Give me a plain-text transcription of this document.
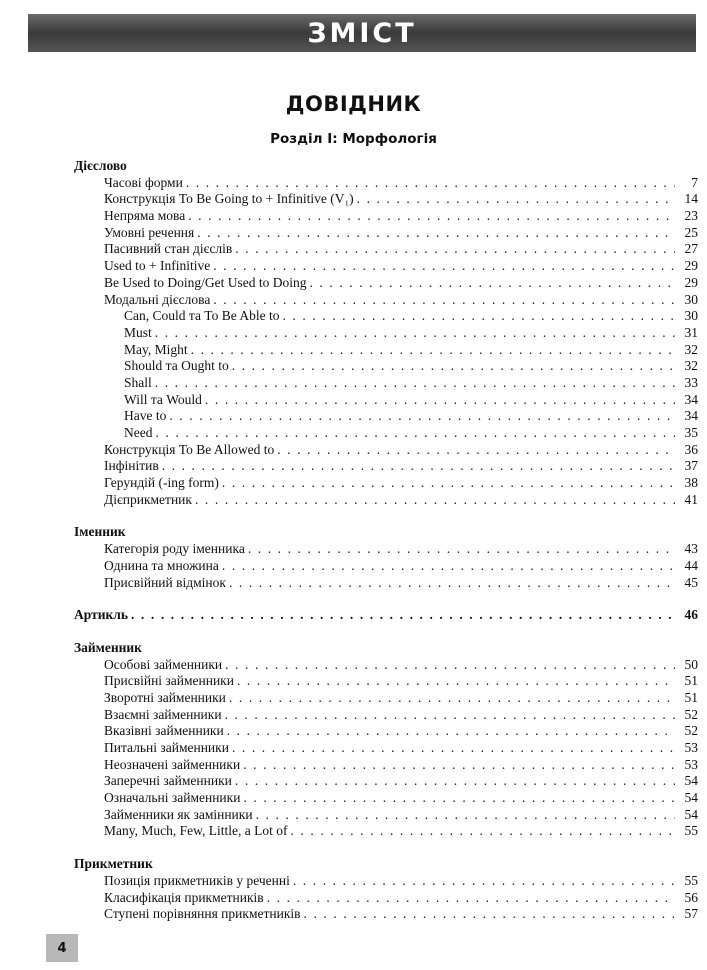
ЗМІСТ
ДОВІДНИК
Розділ І: Морфологія
Дієслово
Часові форми . . .	7
Конструкція To Be Going to + Infinitive (V₁) . . .	14
Непряма мова . . .	23
Умовні речення . . .	25
Пасивний стан дієслів . . .	27
Used to + Infinitive . . .	29
Be Used to Doing/Get Used to Doing . . .	29
Модальні дієслова . . .	30
Can, Could та To Be Able to . . .	30
Must . . .	31
May, Might . . .	32
Should та Ought to . . .	32
Shall . . .	33
Will та Would . . .	34
Have to . . .	34
Need . . .	35
Конструкція To Be Allowed to . . .	36
Інфінітив . . .	37
Герундій (-ing form) . . .	38
Дієприкметник . . .	41
Іменник
Категорія роду іменника . . .	43
Однина та множина . . .	44
Присвійний відмінок . . .	45
Артикль . . .	46
Займенник
Особові займенники . . .	50
Присвійні займенники . . .	51
Зворотні займенники . . .	51
Взаємні займенники . . .	52
Вказівні займенники . . .	52
Питальні займенники . . .	53
Неозначені займенники . . .	53
Заперечні займенники . . .	54
Означальні займенники . . .	54
Займенники як замінники . . .	54
Many, Much, Few, Little, a Lot of . . .	55
Прикметник
Позиція прикметників у реченні . . .	55
Класифікація прикметників . . .	56
Ступені порівняння прикметників . . .	57
4
